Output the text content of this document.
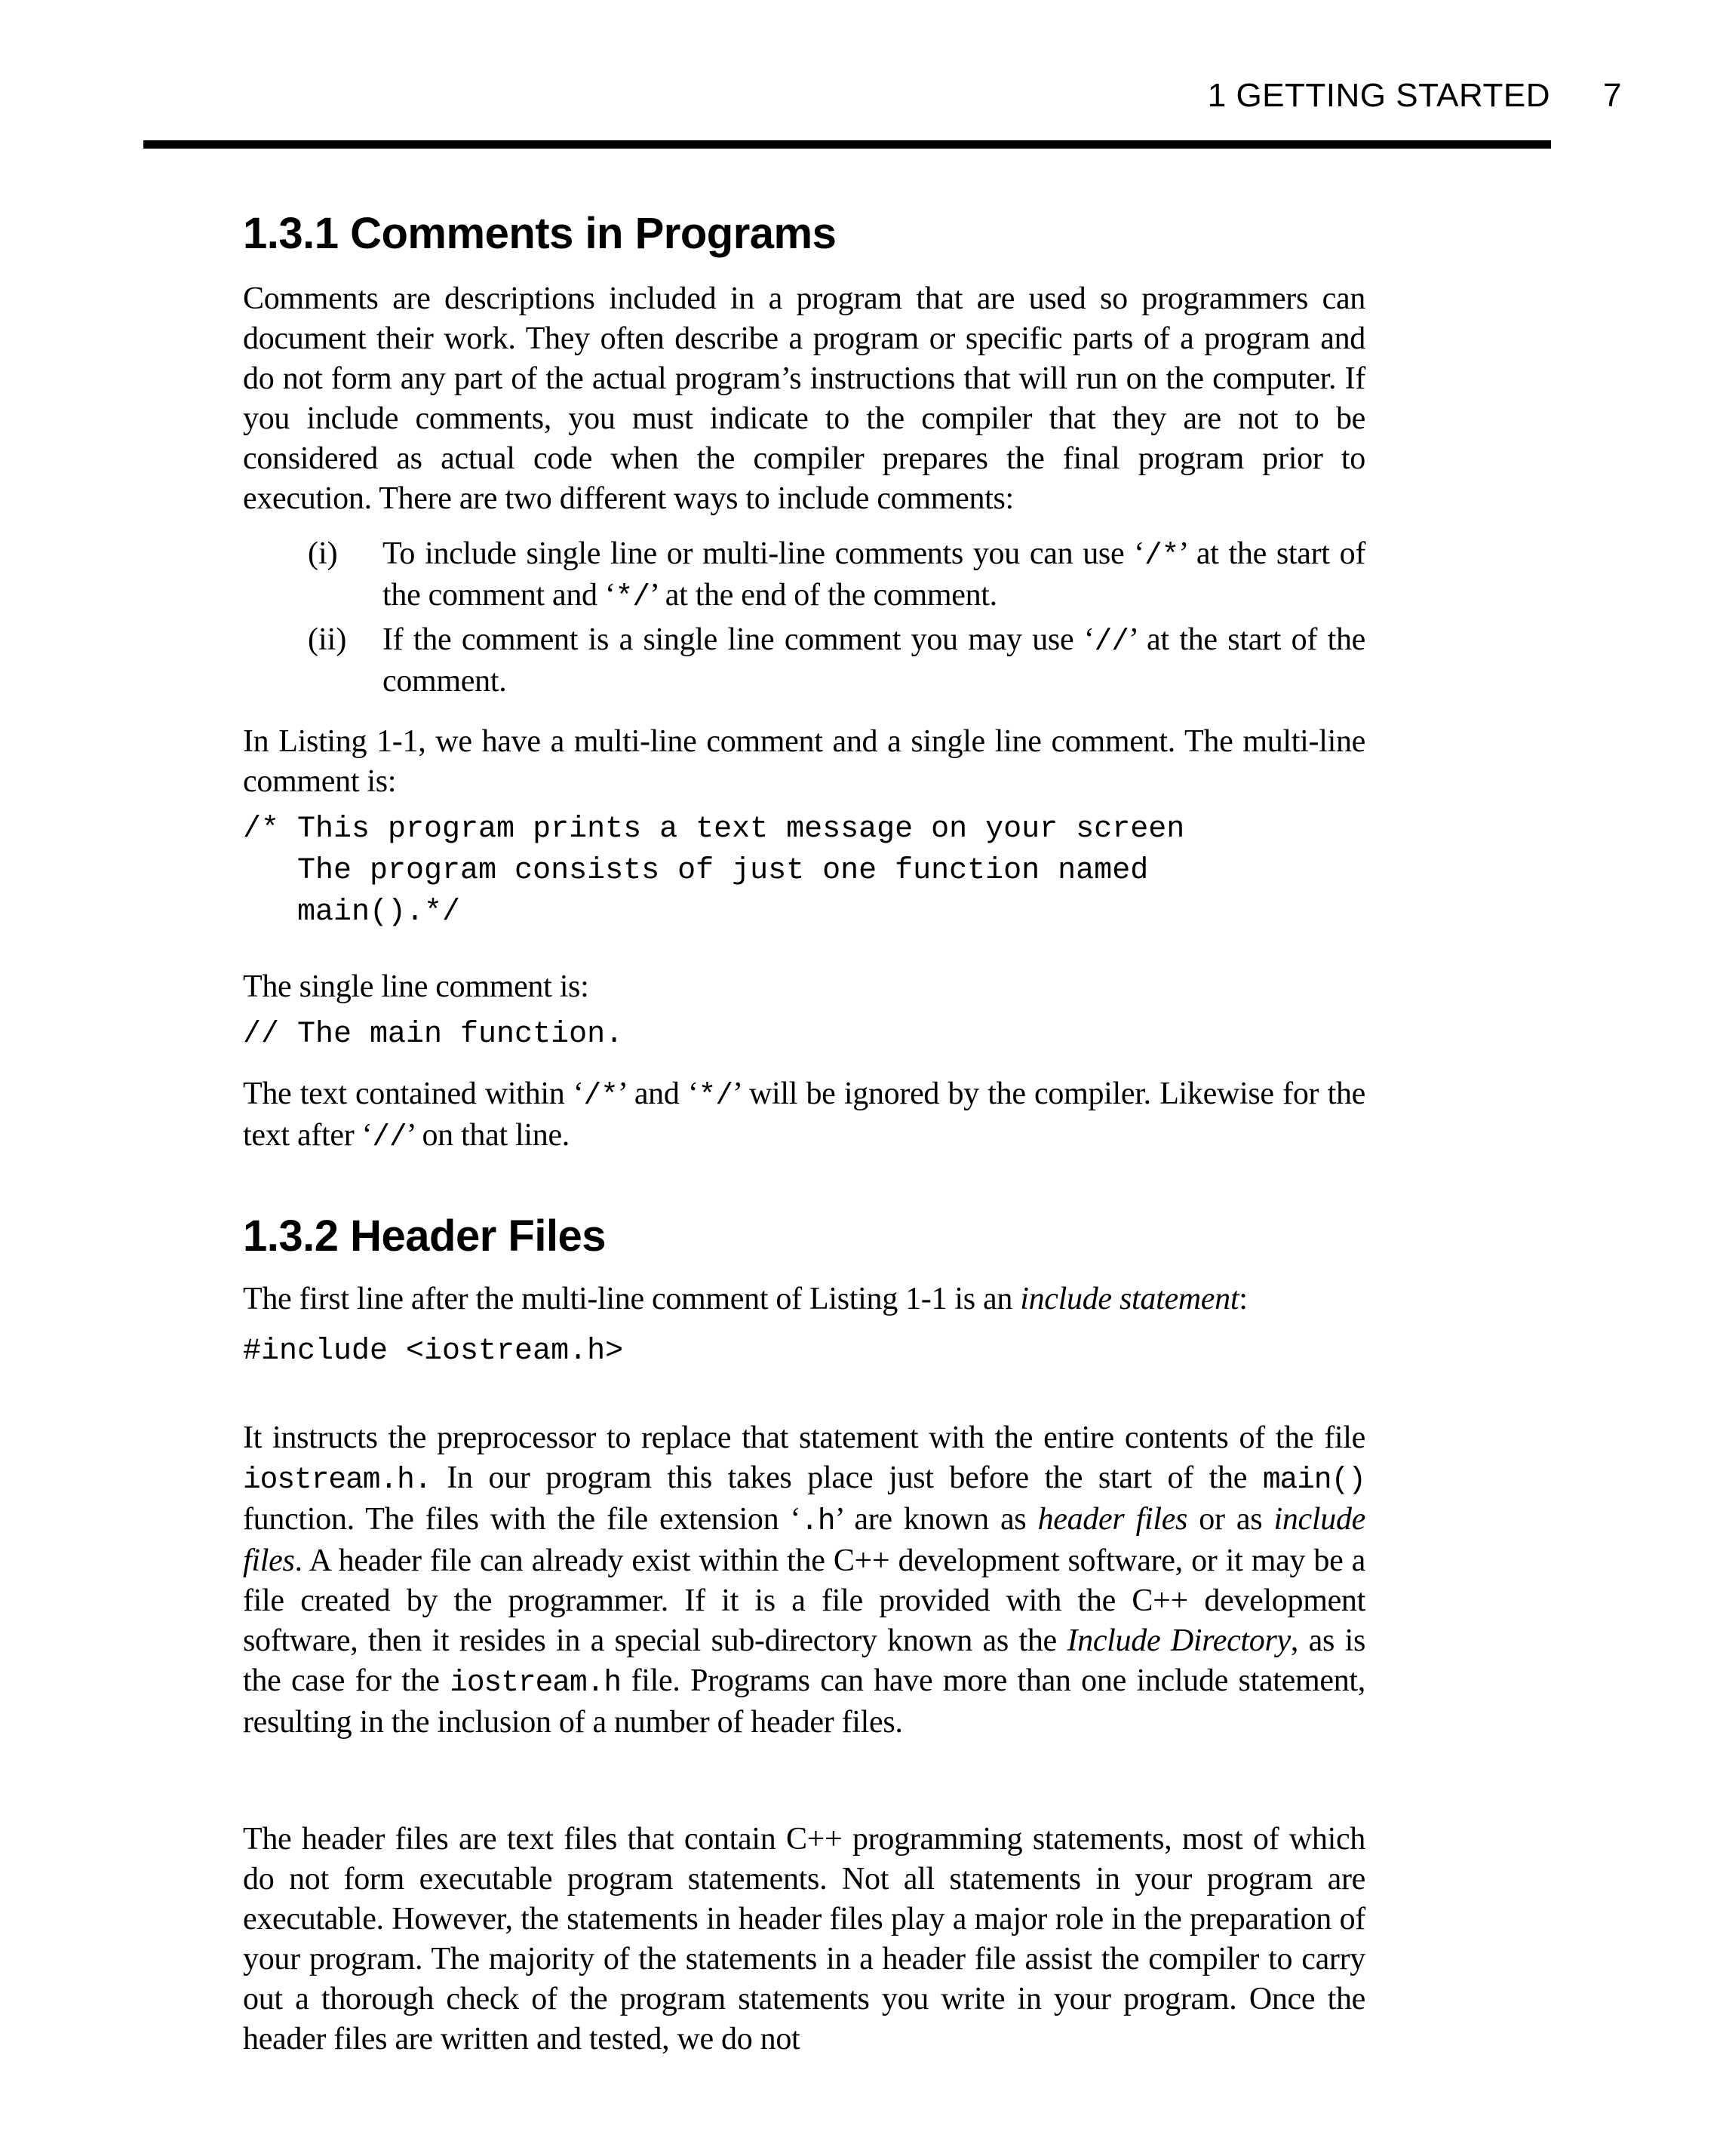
1 GETTING STARTED 7
1.3.1 Comments in Programs

Comments are descriptions included in a program that are used so programmers can document their work. They often describe a program or specific parts of a program and do not form any part of the actual program’s instructions that will run on the computer. If you include comments, you must indicate to the compiler that they are not to be considered as actual code when the compiler prepares the final program prior to execution. There are two different ways to include comments:

(i) To include single line or multi-line comments you can use ‘/*’ at the start of the comment and ‘*/’ at the end of the comment.
(ii) If the comment is a single line comment you may use ‘//’ at the start of the comment.

In Listing 1-1, we have a multi-line comment and a single line comment. The multi-line comment is:

/* This program prints a text message on your screen
The program consists of just one function named
main().*/

The single line comment is:

// The main function.

The text contained within ‘/*’ and ‘*/’ will be ignored by the compiler. Likewise for the text after ‘//’ on that line.

1.3.2 Header Files

The first line after the multi-line comment of Listing 1-1 is an include statement:

#include <iostream.h>

It instructs the preprocessor to replace that statement with the entire contents of the file iostream.h. In our program this takes place just before the start of the main() function. The files with the file extension ‘.h’ are known as header files or as include files. A header file can already exist within the C++ development software, or it may be a file created by the programmer. If it is a file provided with the C++ development software, then it resides in a special sub-directory known as the Include Directory, as is the case for the iostream.h file. Programs can have more than one include statement, resulting in the inclusion of a number of header files.

The header files are text files that contain C++ programming statements, most of which do not form executable program statements. Not all statements in your program are executable. However, the statements in header files play a major role in the preparation of your program. The majority of the statements in a header file assist the compiler to carry out a thorough check of the program statements you write in your program. Once the header files are written and tested, we do not
